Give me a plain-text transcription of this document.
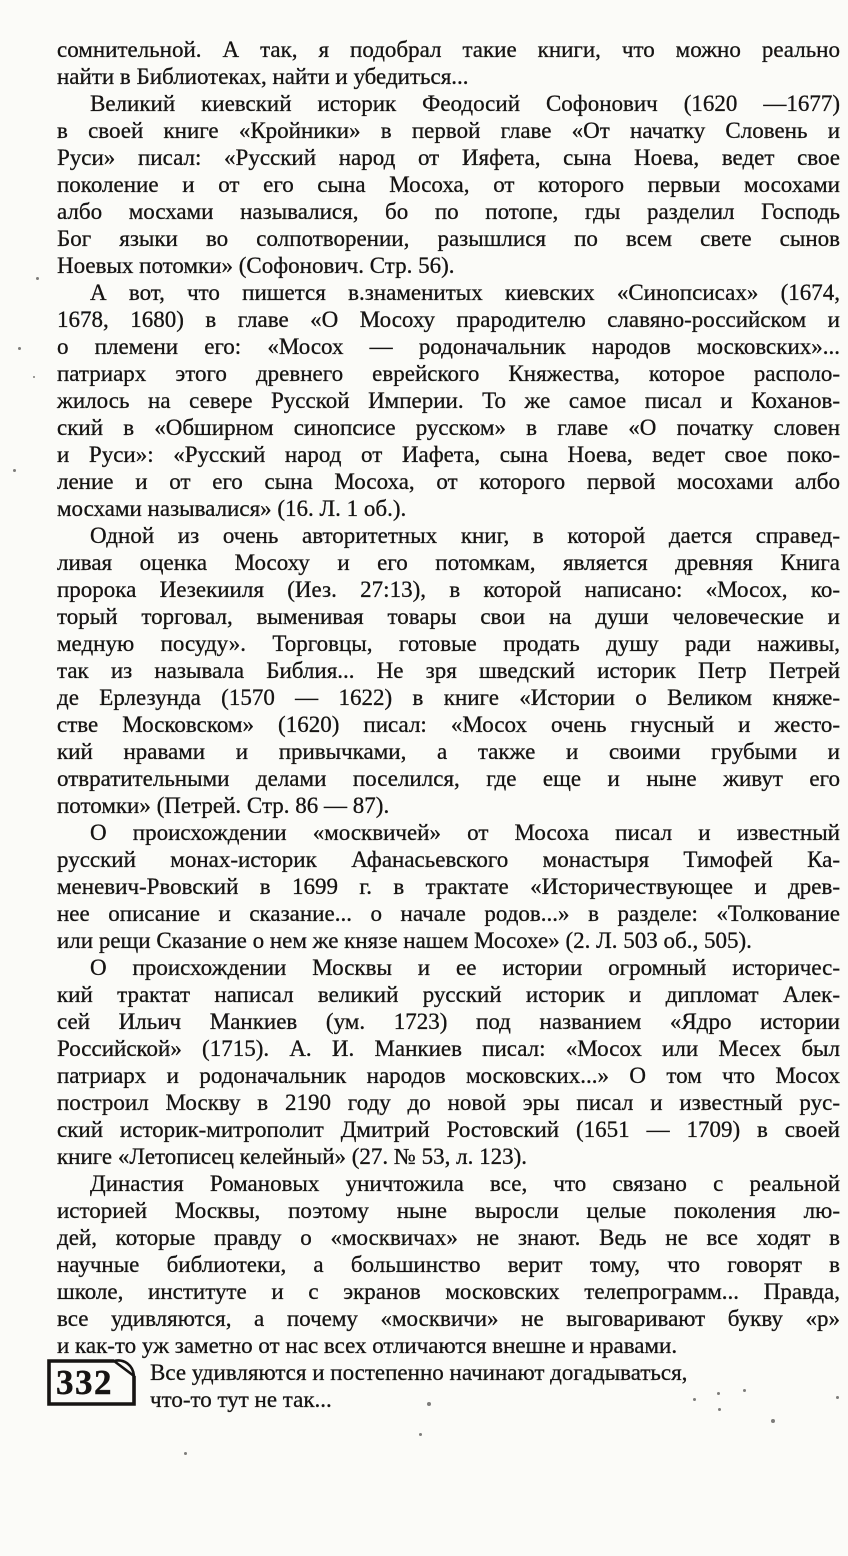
сомнительной. А так, я подобрал такие книги, что можно реально
найти в Библиотеках, найти и убедиться...
Великий киевский историк Феодосий Софонович (1620 —1677)
в своей книге «Кройники» в первой главе «От начатку Словень и
Руси» писал: «Русский народ от Ияфета, сына Ноева, ведет свое
поколение и от его сына Мосоха, от которого первыи мосохами
албо мосхами называлися, бо по потопе, гды разделил Господь
Бог языки во солпотворении, разышлися по всем свете сынов
Ноевых потомки» (Софонович. Стр. 56).
А вот, что пишется в.знаменитых киевских «Синопсисах» (1674,
1678, 1680) в главе «О Мосоху прародителю славяно-российском и
о племени его: «Мосох — родоначальник народов московских»...
патриарх этого древнего еврейского Княжества, которое располо-
жилось на севере Русской Империи. То же самое писал и Коханов-
ский в «Обширном синопсисе русском» в главе «О початку словен
и Руси»: «Русский народ от Иафета, сына Ноева, ведет свое поко-
ление и от его сына Мосоха, от которого первой мосохами албо
мосхами называлися» (16. Л. 1 об.).
Одной из очень авторитетных книг, в которой дается справед-
ливая оценка Мосоху и его потомкам, является древняя Книга
пророка Иезекииля (Иез. 27:13), в которой написано: «Мосох, ко-
торый торговал, выменивая товары свои на души человеческие и
медную посуду». Торговцы, готовые продать душу ради наживы,
так из называла Библия... Не зря шведский историк Петр Петрей
де Ерлезунда (1570 — 1622) в книге «Истории о Великом княже-
стве Московском» (1620) писал: «Мосох очень гнусный и жесто-
кий нравами и привычками, а также и своими грубыми и
отвратительными делами поселился, где еще и ныне живут его
потомки» (Петрей. Стр. 86 — 87).
О происхождении «москвичей» от Мосоха писал и известный
русский монах-историк Афанасьевского монастыря Тимофей Ка-
меневич-Рвовский в 1699 г. в трактате «Историчествующее и древ-
нее описание и сказание... о начале родов...» в разделе: «Толкование
или рещи Сказание о нем же князе нашем Мосохе» (2. Л. 503 об., 505).
О происхождении Москвы и ее истории огромный историчес-
кий трактат написал великий русский историк и дипломат Алек-
сей Ильич Манкиев (ум. 1723) под названием «Ядро истории
Российской» (1715). А. И. Манкиев писал: «Мосох или Месех был
патриарх и родоначальник народов московских...» О том что Мосох
построил Москву в 2190 году до новой эры писал и известный рус-
ский историк-митрополит Дмитрий Ростовский (1651 — 1709) в своей
книге «Летописец келейный» (27. № 53, л. 123).
Династия Романовых уничтожила все, что связано с реальной
историей Москвы, поэтому ныне выросли целые поколения лю-
дей, которые правду о «москвичах» не знают. Ведь не все ходят в
научные библиотеки, а большинство верит тому, что говорят в
школе, институте и с экранов московских телепрограмм... Правда,
все удивляются, а почему «москвичи» не выговаривают букву «р»
и как-то уж заметно от нас всех отличаются внешне и нравами.
Все удивляются и постепенно начинают догадываться,
что-то тут не так...
332
